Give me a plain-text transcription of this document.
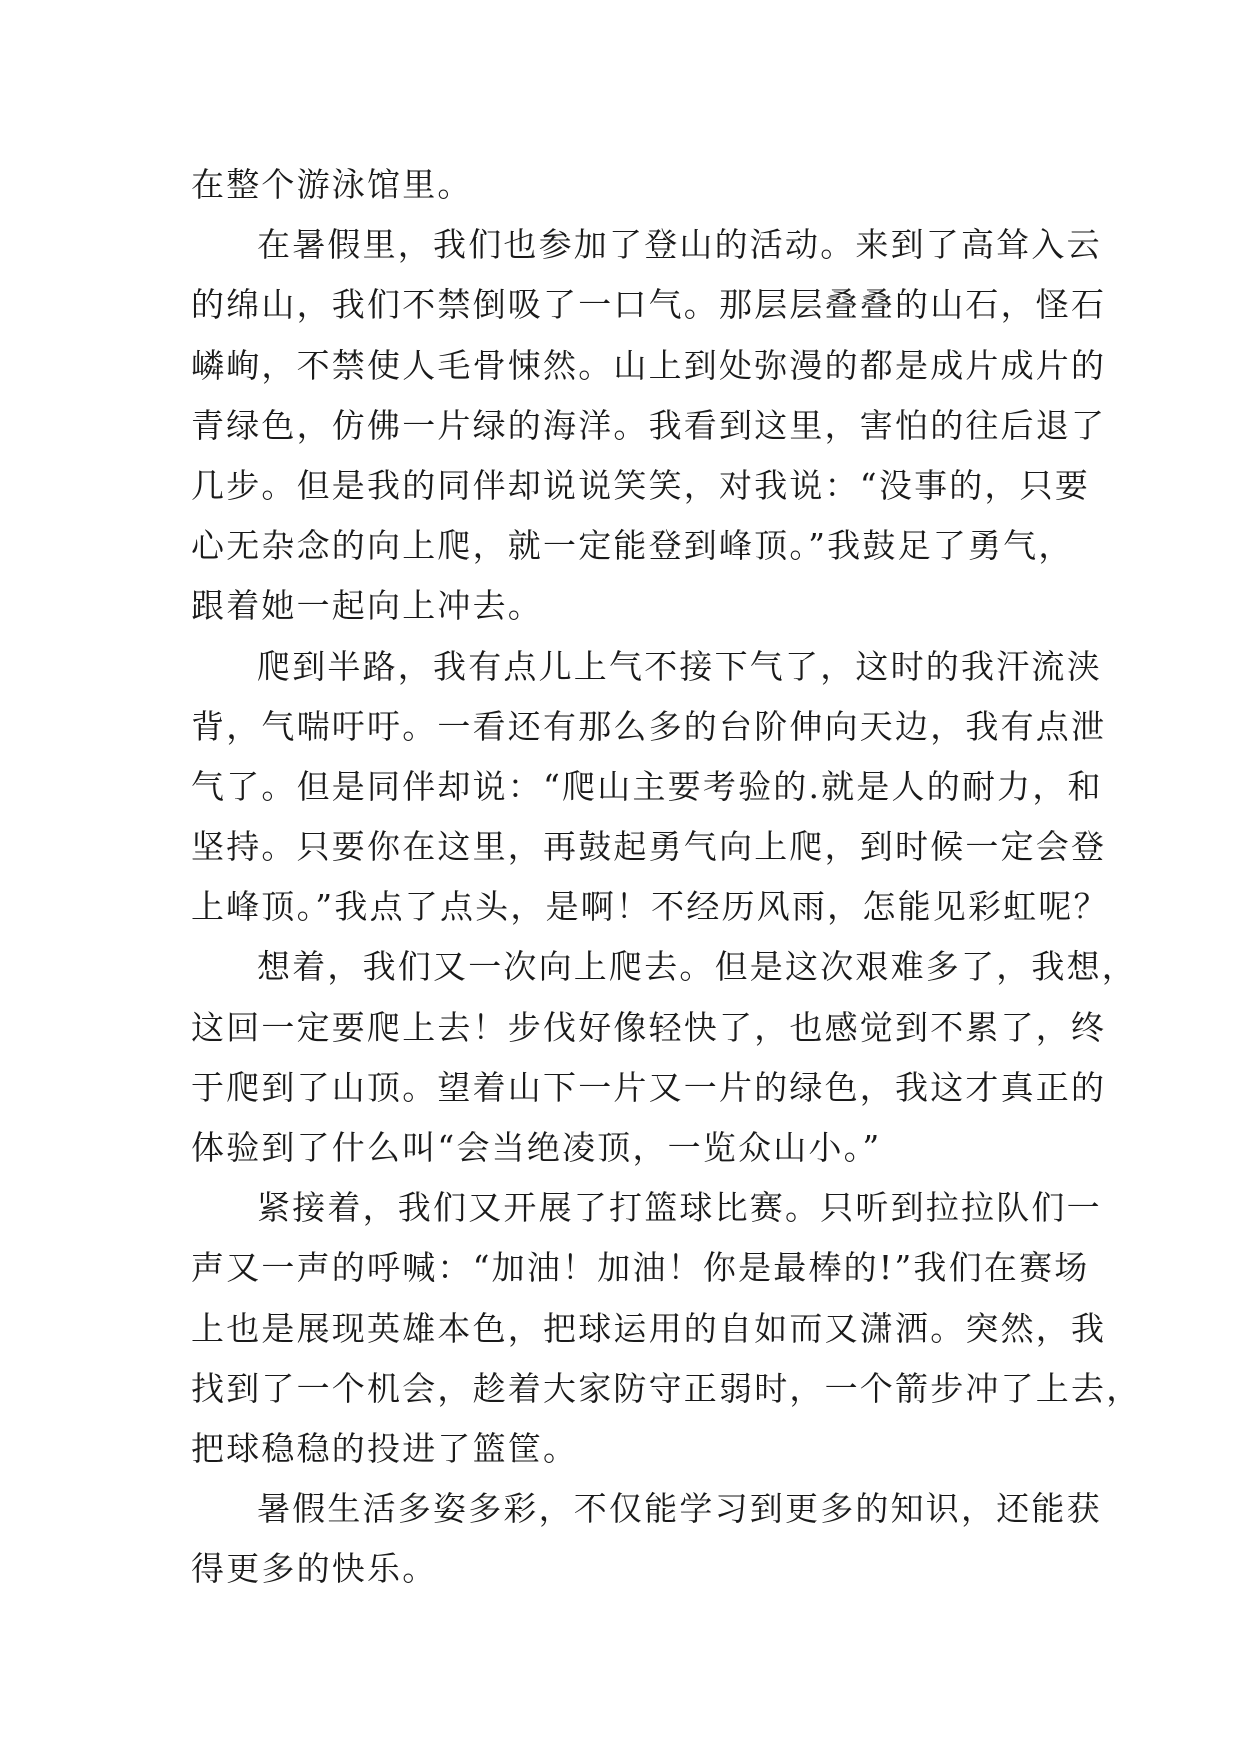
在整个游泳馆里。
在暑假里，我们也参加了登山的活动。来到了高耸入云
的绵山，我们不禁倒吸了一口气。那层层叠叠的山石，怪石
嶙峋，不禁使人毛骨悚然。山上到处弥漫的都是成片成片的
青绿色，仿佛一片绿的海洋。我看到这里，害怕的往后退了
几步。但是我的同伴却说说笑笑，对我说：“没事的，只要
心无杂念的向上爬，就一定能登到峰顶。”我鼓足了勇气，
跟着她一起向上冲去。
爬到半路，我有点儿上气不接下气了，这时的我汗流浃
背，气喘吁吁。一看还有那么多的台阶伸向天边，我有点泄
气了。但是同伴却说：“爬山主要考验的.就是人的耐力，和
坚持。只要你在这里，再鼓起勇气向上爬，到时候一定会登
上峰顶。”我点了点头，是啊！不经历风雨，怎能见彩虹呢？
想着，我们又一次向上爬去。但是这次艰难多了，我想，
这回一定要爬上去！步伐好像轻快了，也感觉到不累了，终
于爬到了山顶。望着山下一片又一片的绿色，我这才真正的
体验到了什么叫“会当绝凌顶，一览众山小。”
紧接着，我们又开展了打篮球比赛。只听到拉拉队们一
声又一声的呼喊：“加油！加油！你是最棒的!”我们在赛场
上也是展现英雄本色，把球运用的自如而又潇洒。突然，我
找到了一个机会，趁着大家防守正弱时，一个箭步冲了上去，
把球稳稳的投进了篮筐。
暑假生活多姿多彩，不仅能学习到更多的知识，还能获
得更多的快乐。
